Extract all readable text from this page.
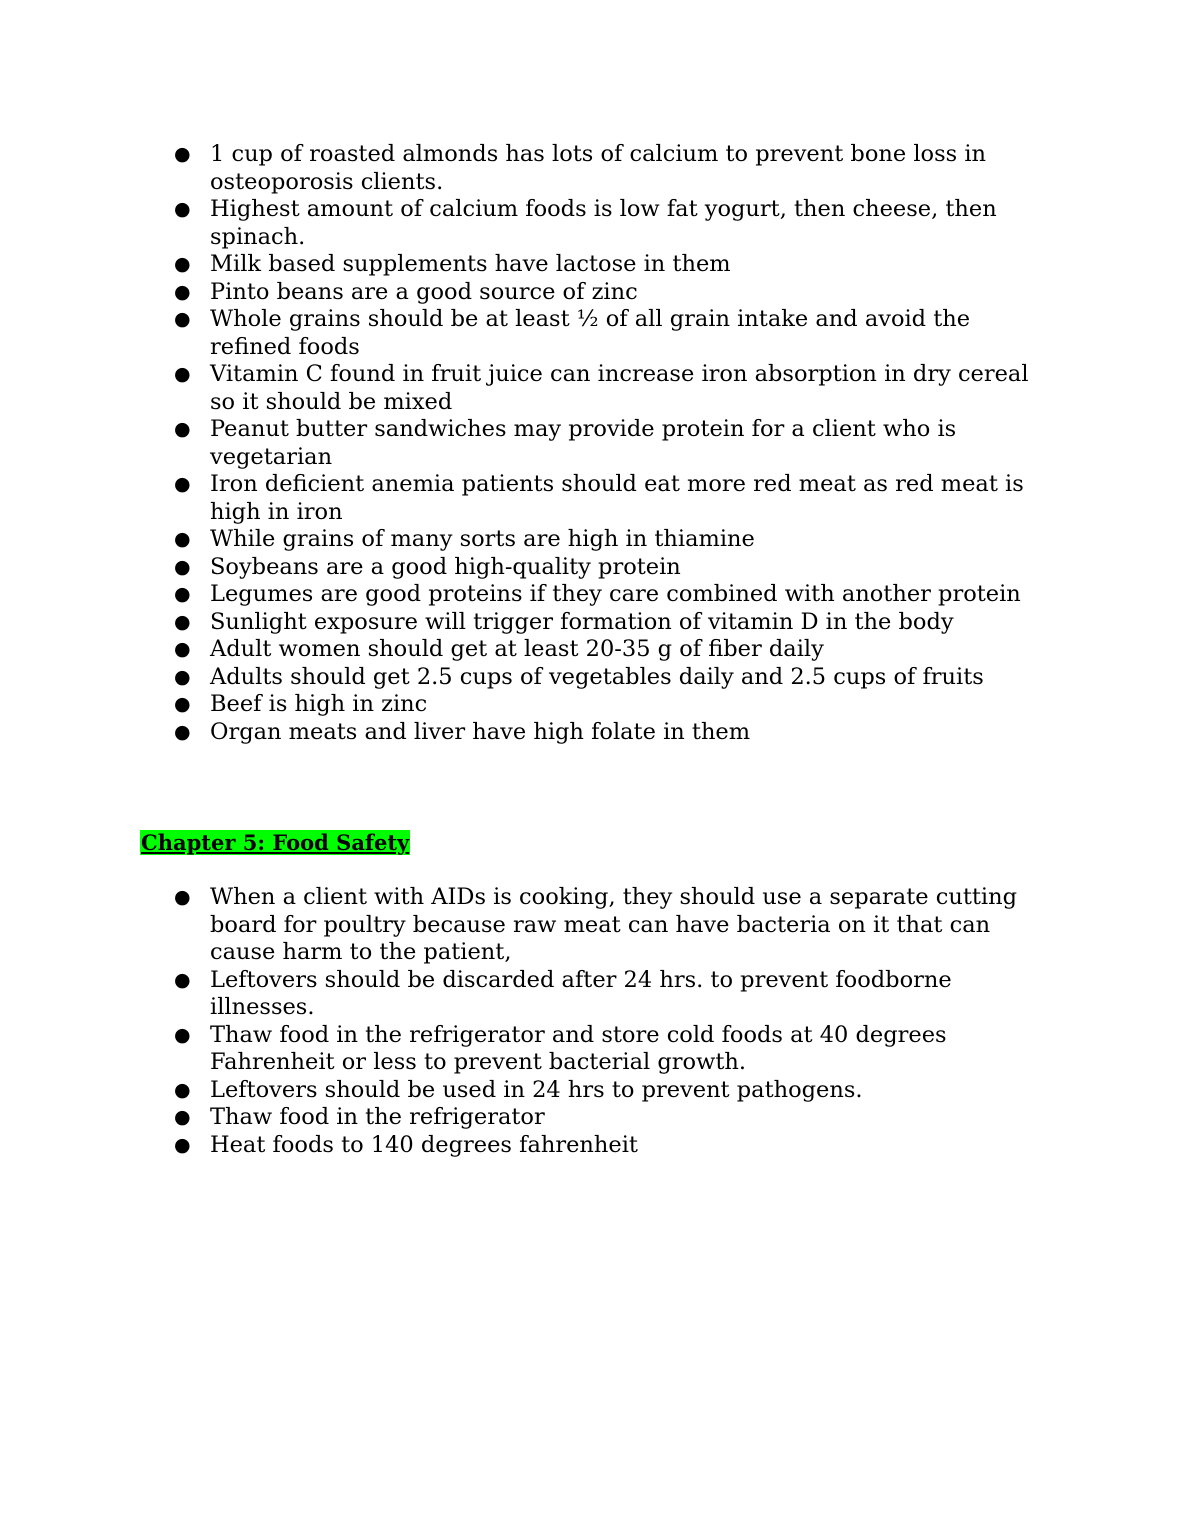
● 1 cup of roasted almonds has lots of calcium to prevent bone loss in osteoporosis clients.
● Highest amount of calcium foods is low fat yogurt, then cheese, then spinach.
● Milk based supplements have lactose in them
● Pinto beans are a good source of zinc
● Whole grains should be at least ½ of all grain intake and avoid the refined foods
● Vitamin C found in fruit juice can increase iron absorption in dry cereal so it should be mixed
● Peanut butter sandwiches may provide protein for a client who is vegetarian
● Iron deficient anemia patients should eat more red meat as red meat is high in iron
● While grains of many sorts are high in thiamine
● Soybeans are a good high-quality protein
● Legumes are good proteins if they care combined with another protein
● Sunlight exposure will trigger formation of vitamin D in the body
● Adult women should get at least 20-35 g of fiber daily
● Adults should get 2.5 cups of vegetables daily and 2.5 cups of fruits
● Beef is high in zinc
● Organ meats and liver have high folate in them
Chapter 5: Food Safety
● When a client with AIDs is cooking, they should use a separate cutting board for poultry because raw meat can have bacteria on it that can cause harm to the patient,
● Leftovers should be discarded after 24 hrs. to prevent foodborne illnesses.
● Thaw food in the refrigerator and store cold foods at 40 degrees Fahrenheit or less to prevent bacterial growth.
● Leftovers should be used in 24 hrs to prevent pathogens.
● Thaw food in the refrigerator
● Heat foods to 140 degrees fahrenheit
